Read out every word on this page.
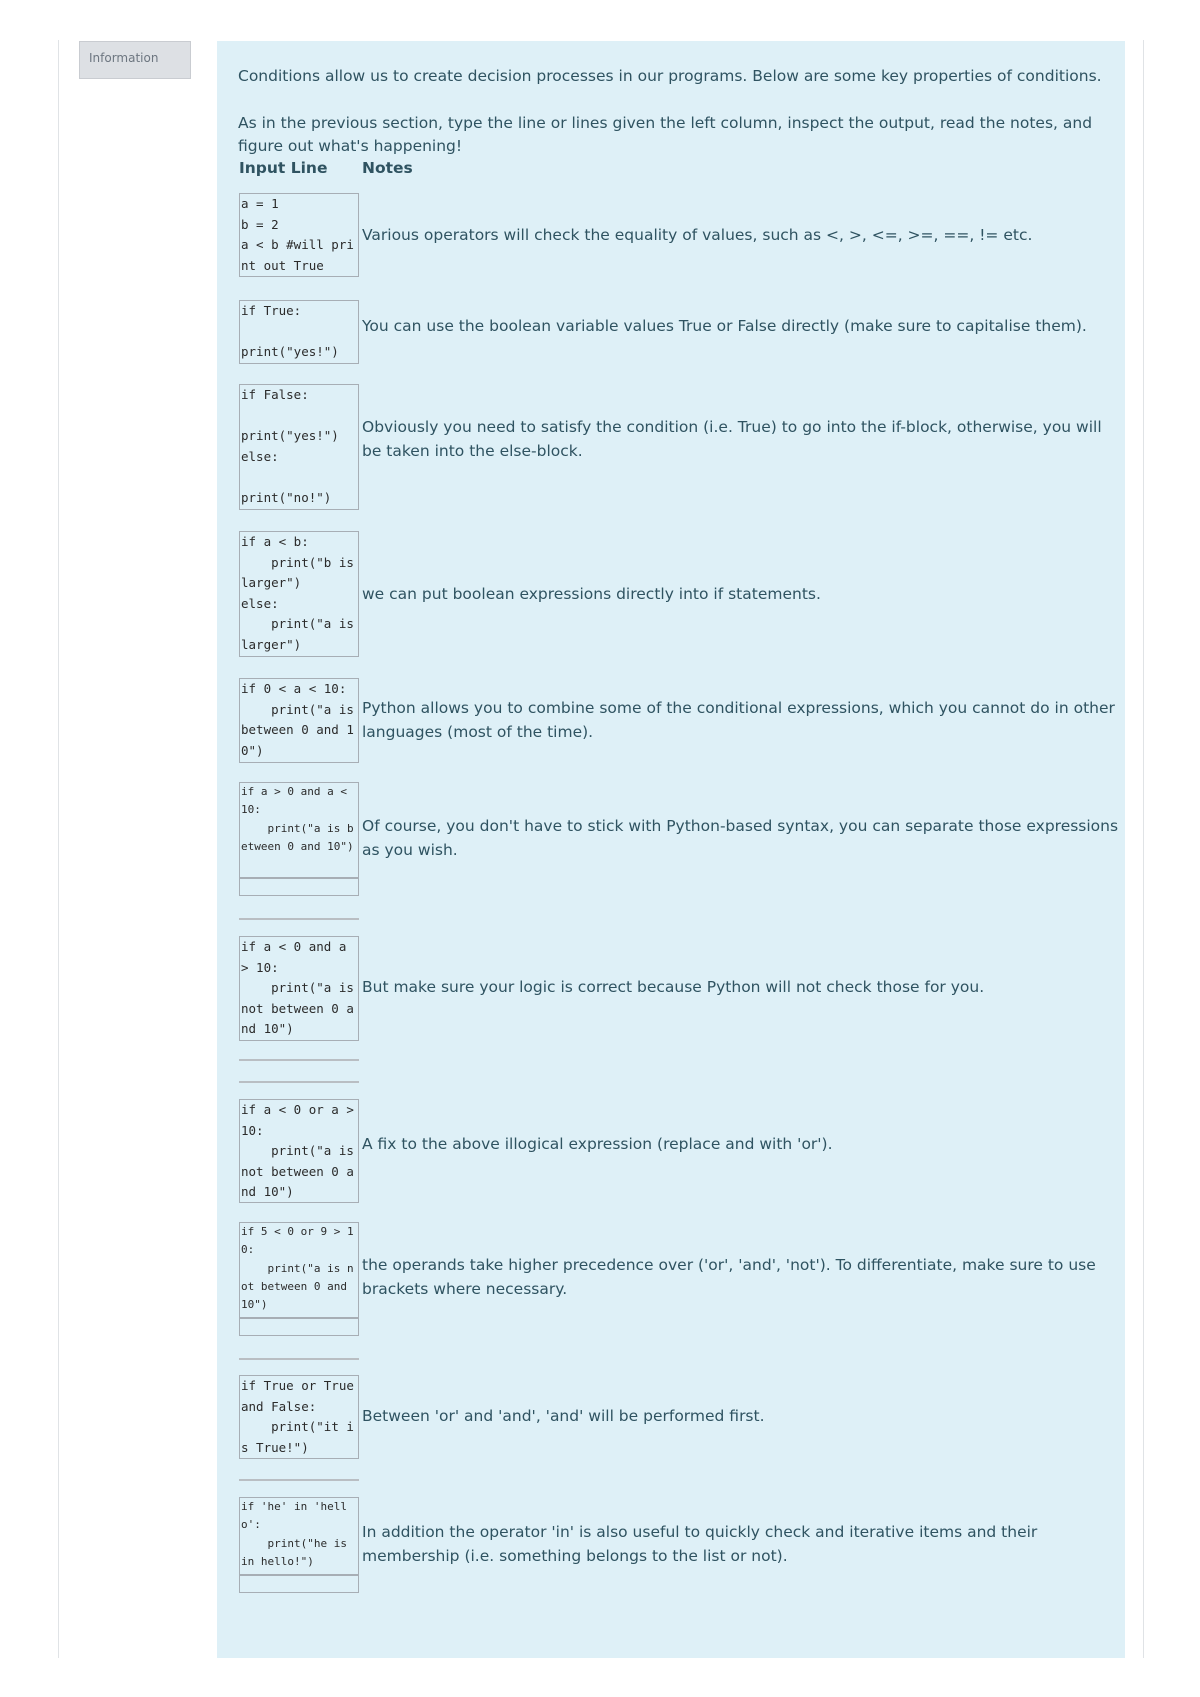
Information

Conditions allow us to create decision processes in our programs. Below are some key properties of conditions.

As in the previous section, type the line or lines given the left column, inspect the output, read the notes, and figure out what's happening!

Input Line Notes
a = 1
b = 2
a < b #will print out True

Various operators will check the equality of values, such as <, >, <=, >=, ==, != etc.

if True:

print("yes!")

You can use the boolean variable values True or False directly (make sure to capitalise them).

if False:

print("yes!")
else:

print("no!")

Obviously you need to satisfy the condition (i.e. True) to go into the if-block, otherwise, you will be taken into the else-block.

if a < b:
print("b is larger")
else:
print("a is larger")

we can put boolean expressions directly into if statements.

if 0 < a < 10:
print("a is between 0 and 10")

Python allows you to combine some of the conditional expressions, which you cannot do in other languages (most of the time).

if a > 0 and a < 10:
print("a is between 0 and 10")

Of course, you don't have to stick with Python-based syntax, you can separate those expressions as you wish.

if a < 0 and a > 10:
print("a is not between 0 and 10")

But make sure your logic is correct because Python will not check those for you.

if a < 0 or a > 10:
print("a is not between 0 and 10")

A fix to the above illogical expression (replace and with 'or').

if 5 < 0 or 9 > 10:
print("a is not between 0 and 10")

the operands take higher precedence over ('or', 'and', 'not'). To differentiate, make sure to use brackets where necessary.

if True or True and False:
print("it is True!")

Between 'or' and 'and', 'and' will be performed first.

if 'he' in 'hello':
print("he is in hello!")

In addition the operator 'in' is also useful to quickly check and iterative items and their membership (i.e. something belongs to the list or not).
